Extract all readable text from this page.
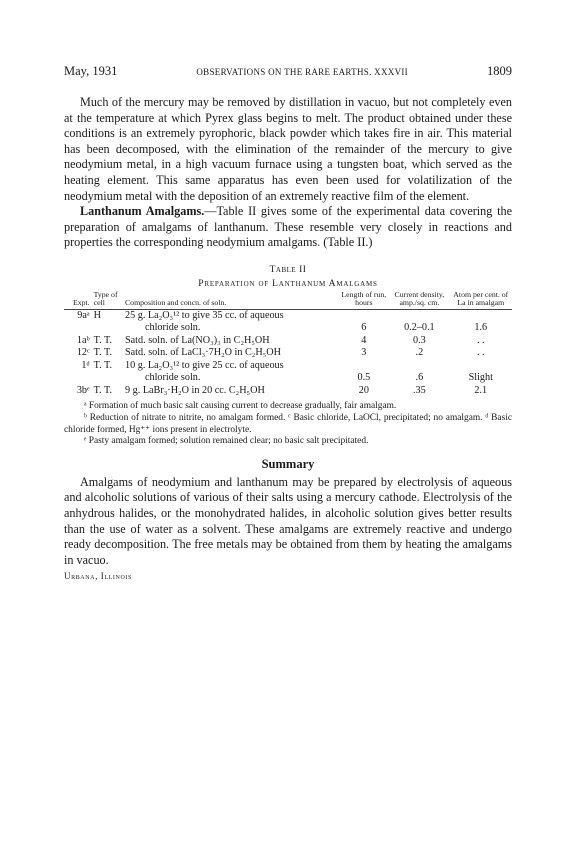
May, 1931	OBSERVATIONS ON THE RARE EARTHS. XXXVII	1809

Much of the mercury may be removed by distillation in vacuo, but not completely even at the temperature at which Pyrex glass begins to melt. The product obtained under these conditions is an extremely pyrophoric, black powder which takes fire in air. This material has been decomposed, with the elimination of the remainder of the mercury to give neodymium metal, in a high vacuum furnace using a tungsten boat, which served as the heating element. This same apparatus has even been used for volatilization of the neodymium metal with the deposition of an extremely reactive film of the element.

Lanthanum Amalgams.—Table II gives some of the experimental data covering the preparation of amalgams of lanthanum. These resemble very closely in reactions and properties the corresponding neodymium amalgams. (Table II.)

Table II
Preparation of Lanthanum Amalgams
Expt.	Type of cell	Composition and concn. of soln.	Length of run, hours	Current density, amp./sq. cm.	Atom per cent. of La in amalgam
9aᵃ	H	25 g. La₂O₃¹² to give 35 cc. of aqueous			
		chloride soln.	6	0.2–0.1	1.6
1aᵇ	T. T.	Satd. soln. of La(NO₃)₃ in C₂H₅OH	4	0.3	. .
12ᶜ	T. T.	Satd. soln. of LaCl₃·7H₂O in C₂H₅OH	3	.2	. .
1ᵈ	T. T.	10 g. La₂O₃¹² to give 25 cc. of aqueous			
		chloride soln.	0.5	.6	Slight
3bᵉ	T. T.	9 g. LaBr₃·H₂O in 20 cc. C₂H₅OH	20	.35	2.1

ᵃ Formation of much basic salt causing current to decrease gradually, fair amalgam.

ᵇ Reduction of nitrate to nitrite, no amalgam formed. ᶜ Basic chloride, LaOCl, precipitated; no amalgam. ᵈ Basic chloride formed, Hg⁺⁺ ions present in electrolyte.

ᵉ Pasty amalgam formed; solution remained clear; no basic salt precipitated.

Summary

Amalgams of neodymium and lanthanum may be prepared by electrolysis of aqueous and alcoholic solutions of various of their salts using a mercury cathode. Electrolysis of the anhydrous halides, or the monohydrated halides, in alcoholic solution gives better results than the use of water as a solvent. These amalgams are extremely reactive and undergo ready decomposition. The free metals may be obtained from them by heating the amalgams in vacuo.

Urbana, Illinois
